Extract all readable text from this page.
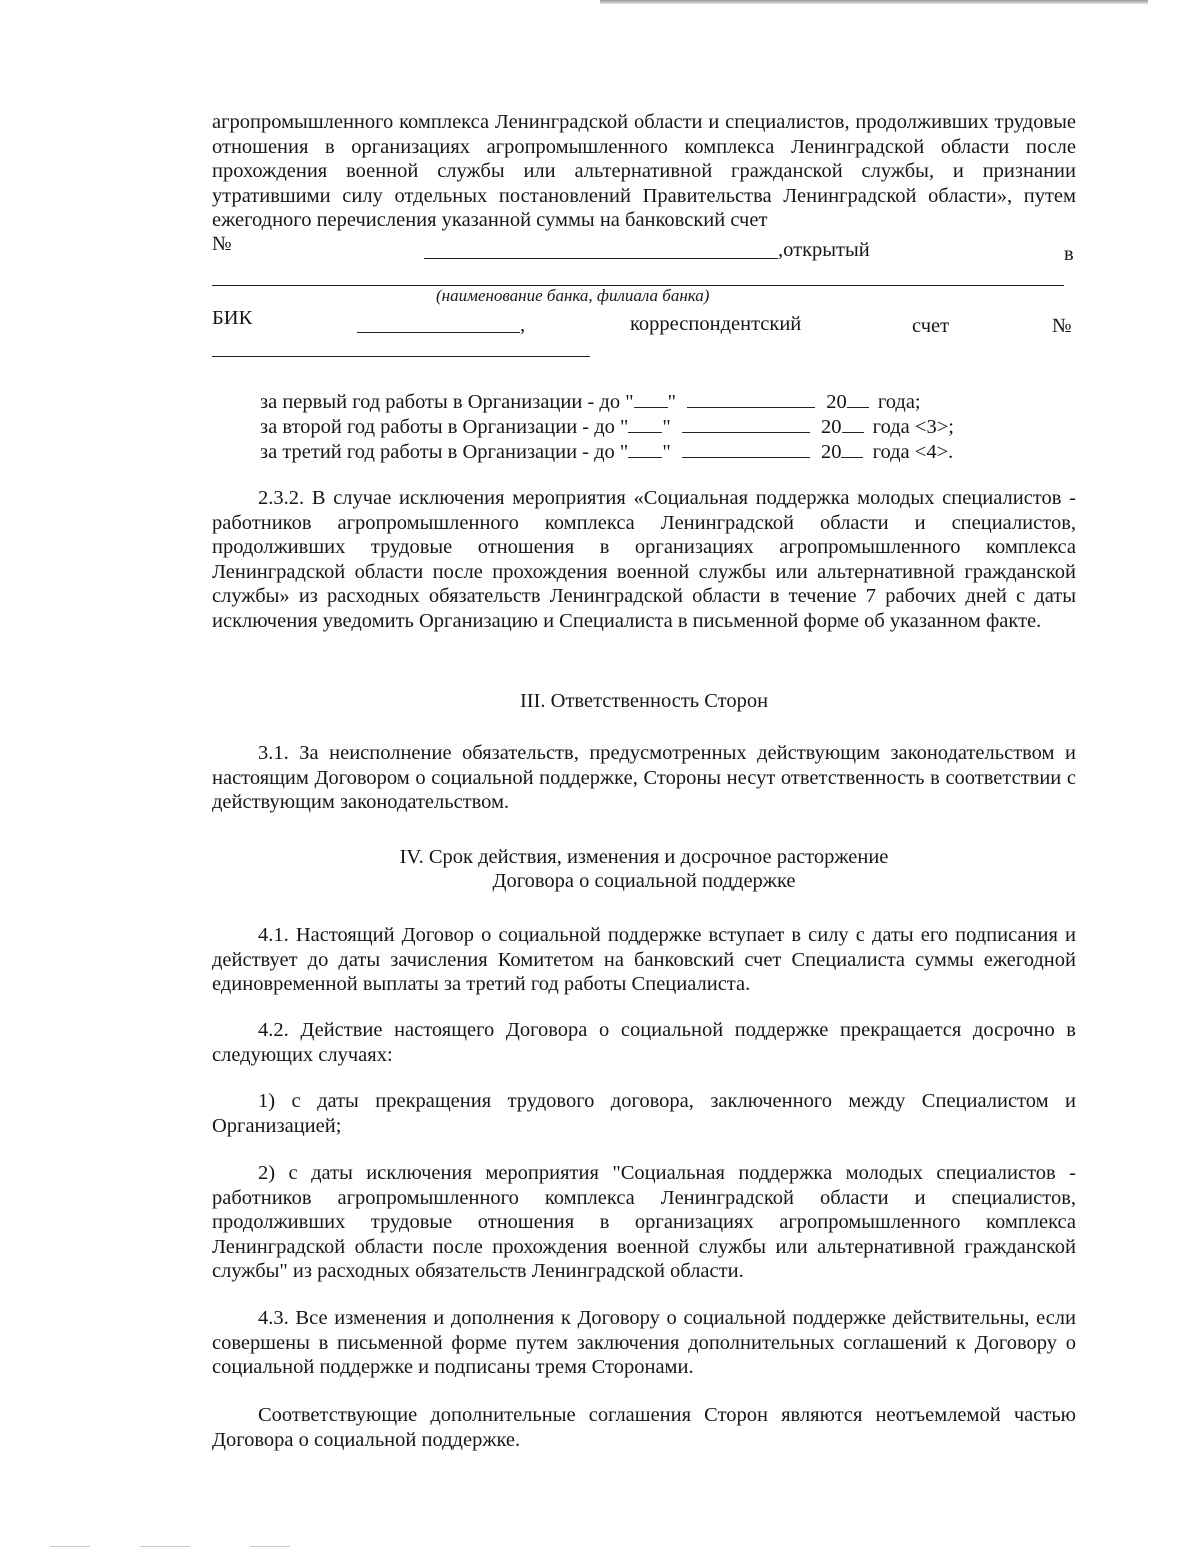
агропромышленного комплекса Ленинградской области и специалистов, продолживших трудовые отношения в организациях агропромышленного комплекса Ленинградской области после прохождения военной службы или альтернативной гражданской службы, и признании утратившими силу отдельных постановлений Правительства Ленинградской области», путем ежегодного перечисления указанной суммы на банковский счет
№	,открытый	в
(наименование банка, филиала банка)
БИК	,	корреспондентский	счет	№
за первый год работы в Организации - до " "	20 года;
за второй год работы в Организации - до " "	20 года <3>;
за третий год работы в Организации - до " "	20 года <4>.
2.3.2. В случае исключения мероприятия «Социальная поддержка молодых специалистов - работников агропромышленного комплекса Ленинградской области и специалистов, продолживших трудовые отношения в организациях агропромышленного комплекса Ленинградской области после прохождения военной службы или альтернативной гражданской службы» из расходных обязательств Ленинградской области в течение 7 рабочих дней с даты исключения уведомить Организацию и Специалиста в письменной форме об указанном факте.
III. Ответственность Сторон
3.1. За неисполнение обязательств, предусмотренных действующим законодательством и настоящим Договором о социальной поддержке, Стороны несут ответственность в соответствии с действующим законодательством.
IV. Срок действия, изменения и досрочное расторжение
Договора о социальной поддержке
4.1. Настоящий Договор о социальной поддержке вступает в силу с даты его подписания и действует до даты зачисления Комитетом на банковский счет Специалиста суммы ежегодной единовременной выплаты за третий год работы Специалиста.
4.2. Действие настоящего Договора о социальной поддержке прекращается досрочно в следующих случаях:
1) с даты прекращения трудового договора, заключенного между Специалистом и Организацией;
2) с даты исключения мероприятия "Социальная поддержка молодых специалистов - работников агропромышленного комплекса Ленинградской области и специалистов, продолживших трудовые отношения в организациях агропромышленного комплекса Ленинградской области после прохождения военной службы или альтернативной гражданской службы" из расходных обязательств Ленинградской области.
4.3. Все изменения и дополнения к Договору о социальной поддержке действительны, если совершены в письменной форме путем заключения дополнительных соглашений к Договору о социальной поддержке и подписаны тремя Сторонами.
Соответствующие дополнительные соглашения Сторон являются неотъемлемой частью Договора о социальной поддержке.
